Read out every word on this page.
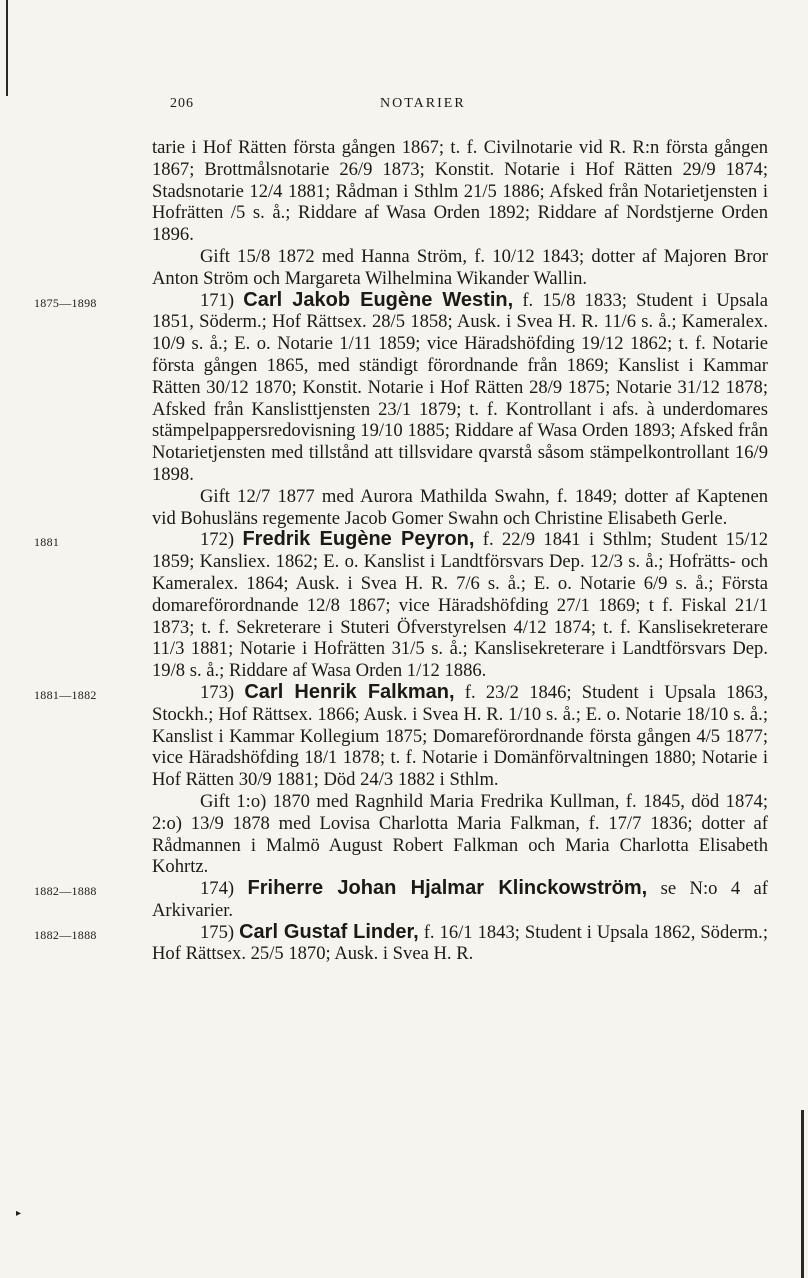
206	NOTARIER

tarie i Hof Rätten första gången 1867; t. f. Civilnotarie vid R. R:n första gången 1867; Brottmålsnotarie 26/9 1873; Konstit. Notarie i Hof Rätten 29/9 1874; Stadsnotarie 12/4 1881; Rådman i Sthlm 21/5 1886; Afsked från Notarietjensten i Hofrätten /5 s. å.; Riddare af Wasa Orden 1892; Riddare af Nordstjerne Orden 1896.

Gift 15/8 1872 med Hanna Ström, f. 10/12 1843; dotter af Majoren Bror Anton Ström och Margareta Wilhelmina Wikander Wallin.

1875—1898	171) Carl Jakob Eugène Westin, f. 15/8 1833; Student i Upsala 1851, Söderm.; Hof Rättsex. 28/5 1858; Ausk. i Svea H. R. 11/6 s. å.; Kameralex. 10/9 s. å.; E. o. Notarie 1/11 1859; vice Häradshöfding 19/12 1862; t. f. Notarie första gången 1865, med ständigt förordnande från 1869; Kanslist i Kammar Rätten 30/12 1870; Konstit. Notarie i Hof Rätten 28/9 1875; Notarie 31/12 1878; Afsked från Kanslisttjensten 23/1 1879; t. f. Kontrollant i afs. à underdomares stämpelpappersredovisning 19/10 1885; Riddare af Wasa Orden 1893; Afsked från Notarietjensten med tillstånd att tillsvidare qvarstå såsom stämpelkontrollant 16/9 1898.

Gift 12/7 1877 med Aurora Mathilda Swahn, f. 1849; dotter af Kaptenen vid Bohusläns regemente Jacob Gomer Swahn och Christine Elisabeth Gerle.

1881	172) Fredrik Eugène Peyron, f. 22/9 1841 i Sthlm; Student 15/12 1859; Kansliex. 1862; E. o. Kanslist i Landtförsvars Dep. 12/3 s. å.; Hofrätts- och Kameralex. 1864; Ausk. i Svea H. R. 7/6 s. å.; E. o. Notarie 6/9 s. å.; Första domareförordnande 12/8 1867; vice Häradshöfding 27/1 1869; t f. Fiskal 21/1 1873; t. f. Sekreterare i Stuteri Öfverstyrelsen 4/12 1874; t. f. Kanslisekreterare 11/3 1881; Notarie i Hofrätten 31/5 s. å.; Kanslisekreterare i Landtförsvars Dep. 19/8 s. å.; Riddare af Wasa Orden 1/12 1886.

1881—1882	173) Carl Henrik Falkman, f. 23/2 1846; Student i Upsala 1863, Stockh.; Hof Rättsex. 1866; Ausk. i Svea H. R. 1/10 s. å.; E. o. Notarie 18/10 s. å.; Kanslist i Kammar Kollegium 1875; Domareförordnande första gången 4/5 1877; vice Häradshöfding 18/1 1878; t. f. Notarie i Domänförvaltningen 1880; Notarie i Hof Rätten 30/9 1881; Död 24/3 1882 i Sthlm.

Gift 1:o) 1870 med Ragnhild Maria Fredrika Kullman, f. 1845, död 1874; 2:o) 13/9 1878 med Lovisa Charlotta Maria Falkman, f. 17/7 1836; dotter af Rådmannen i Malmö August Robert Falkman och Maria Charlotta Elisabeth Kohrtz.

1882—1888	174) Friherre Johan Hjalmar Klinckowström, se N:o 4 af Arkivarier.

1882—1888	175) Carl Gustaf Linder, f. 16/1 1843; Student i Upsala 1862, Söderm.; Hof Rättsex. 25/5 1870; Ausk. i Svea H. R.

▸
